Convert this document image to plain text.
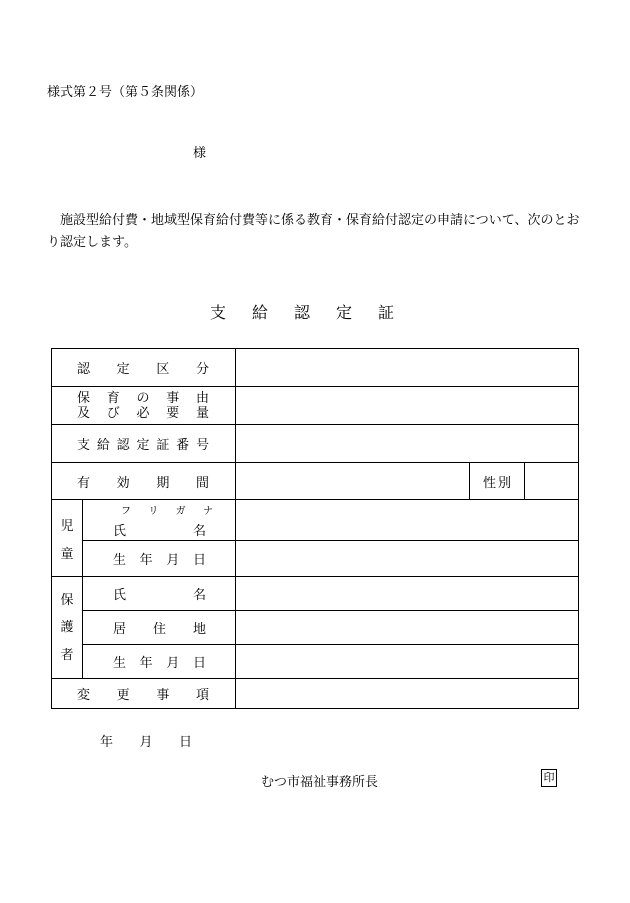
様式第２号（第５条関係）
様
施設型給付費・地域型保育給付費等に係る教育・保育給付認定の申請について、次のとおり認定します。
支給認定証
認 定 区 分
保 育 の 事 由
及 び 必 要 量
支 給 認 定 証 番 号
有 効 期 間	性 別
児
童
フ リ ガ ナ
氏	名
生 年 月 日
保
護
者
氏	名
居 住 地
生 年 月 日
変 更 事 項
年 月 日
むつ市福祉事務所長	印
